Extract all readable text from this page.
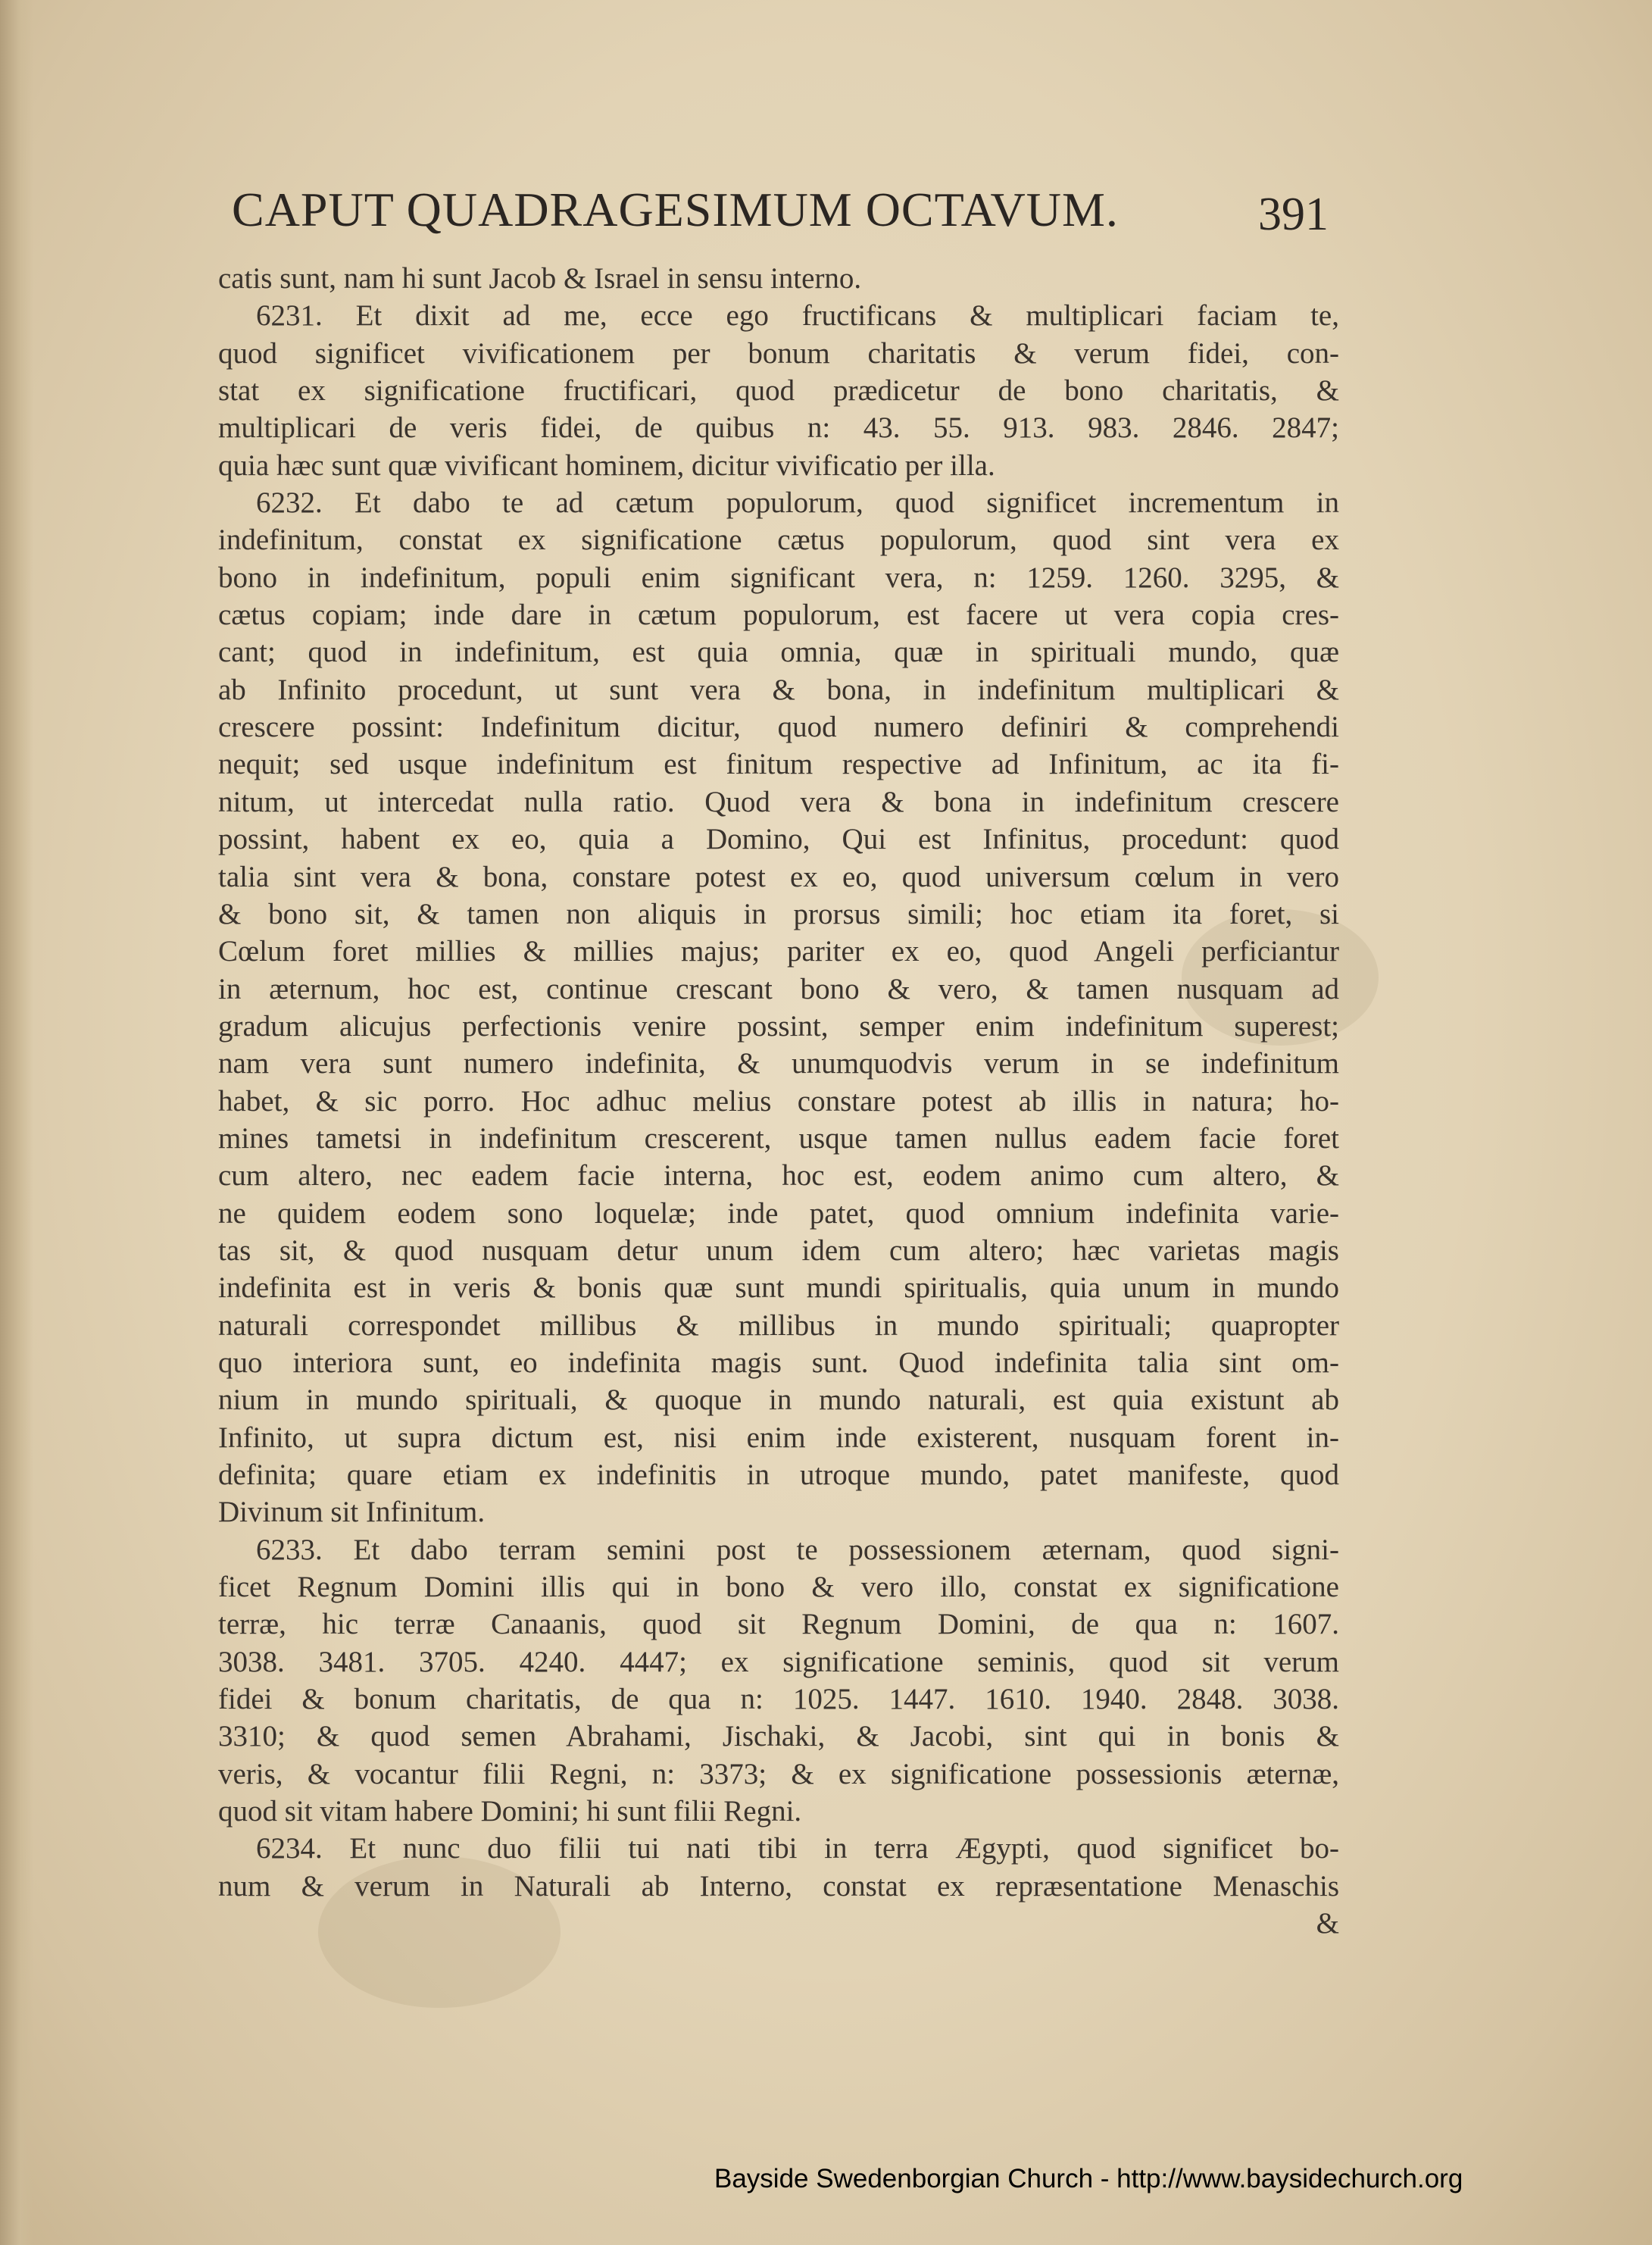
CAPUT QUADRAGESIMUM OCTAVUM.	391
catis sunt, nam hi sunt Jacob & Israel in sensu interno.
6231. Et dixit ad me, ecce ego fructificans & multiplicari faciam te,
quod significet vivificationem per bonum charitatis & verum fidei, con-
stat ex significatione fructificari, quod prædicetur de bono charitatis, &
multiplicari de veris fidei, de quibus n: 43. 55. 913. 983. 2846. 2847;
quia hæc sunt quæ vivificant hominem, dicitur vivificatio per illa.
6232. Et dabo te ad cætum populorum, quod significet incrementum in
indefinitum, constat ex significatione cætus populorum, quod sint vera ex
bono in indefinitum, populi enim significant vera, n: 1259. 1260. 3295, &
cætus copiam; inde dare in cætum populorum, est facere ut vera copia cres-
cant; quod in indefinitum, est quia omnia, quæ in spirituali mundo, quæ
ab Infinito procedunt, ut sunt vera & bona, in indefinitum multiplicari &
crescere possint: Indefinitum dicitur, quod numero definiri & comprehendi
nequit; sed usque indefinitum est finitum respective ad Infinitum, ac ita fi-
nitum, ut intercedat nulla ratio. Quod vera & bona in indefinitum crescere
possint, habent ex eo, quia a Domino, Qui est Infinitus, procedunt: quod
talia sint vera & bona, constare potest ex eo, quod universum cœlum in vero
& bono sit, & tamen non aliquis in prorsus simili; hoc etiam ita foret, si
Cœlum foret millies & millies majus; pariter ex eo, quod Angeli perficiantur
in æternum, hoc est, continue crescant bono & vero, & tamen nusquam ad
gradum alicujus perfectionis venire possint, semper enim indefinitum superest;
nam vera sunt numero indefinita, & unumquodvis verum in se indefinitum
habet, & sic porro. Hoc adhuc melius constare potest ab illis in natura; ho-
mines tametsi in indefinitum crescerent, usque tamen nullus eadem facie foret
cum altero, nec eadem facie interna, hoc est, eodem animo cum altero, &
ne quidem eodem sono loquelæ; inde patet, quod omnium indefinita varie-
tas sit, & quod nusquam detur unum idem cum altero; hæc varietas magis
indefinita est in veris & bonis quæ sunt mundi spiritualis, quia unum in mundo
naturali correspondet millibus & millibus in mundo spirituali; quapropter
quo interiora sunt, eo indefinita magis sunt. Quod indefinita talia sint om-
nium in mundo spirituali, & quoque in mundo naturali, est quia existunt ab
Infinito, ut supra dictum est, nisi enim inde existerent, nusquam forent in-
definita; quare etiam ex indefinitis in utroque mundo, patet manifeste, quod
Divinum sit Infinitum.
6233. Et dabo terram semini post te possessionem æternam, quod signi-
ficet Regnum Domini illis qui in bono & vero illo, constat ex significatione
terræ, hic terræ Canaanis, quod sit Regnum Domini, de qua n: 1607.
3038. 3481. 3705. 4240. 4447; ex significatione seminis, quod sit verum
fidei & bonum charitatis, de qua n: 1025. 1447. 1610. 1940. 2848. 3038.
3310; & quod semen Abrahami, Jischaki, & Jacobi, sint qui in bonis &
veris, & vocantur filii Regni, n: 3373; & ex significatione possessionis æternæ,
quod sit vitam habere Domini; hi sunt filii Regni.
6234. Et nunc duo filii tui nati tibi in terra Ægypti, quod significet bo-
num & verum in Naturali ab Interno, constat ex repræsentatione Menaschis
&
Bayside Swedenborgian Church - http://www.baysidechurch.org
